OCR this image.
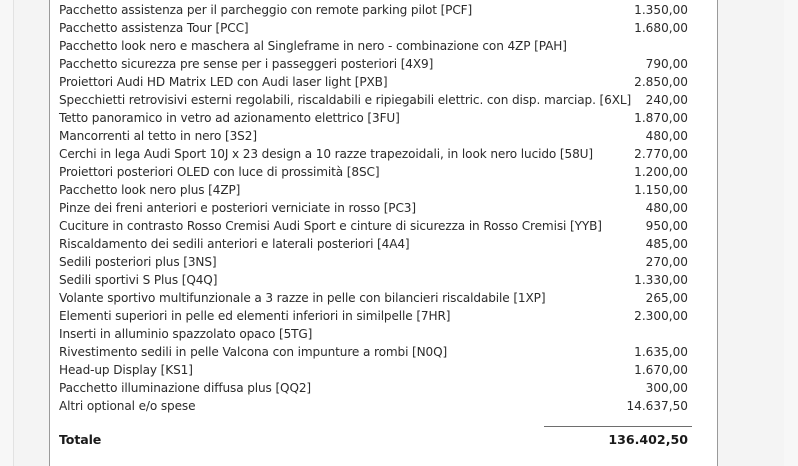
Pacchetto assistenza per il parcheggio con remote parking pilot [PCF]	1.350,00
Pacchetto assistenza Tour [PCC]	1.680,00
Pacchetto look nero e maschera al Singleframe in nero - combinazione con 4ZP [PAH]	
Pacchetto sicurezza pre sense per i passeggeri posteriori [4X9]	790,00
Proiettori Audi HD Matrix LED con Audi laser light [PXB]	2.850,00
Specchietti retrovisivi esterni regolabili, riscaldabili e ripiegabili elettric. con disp. marciap. [6XL]	240,00
Tetto panoramico in vetro ad azionamento elettrico [3FU]	1.870,00
Mancorrenti al tetto in nero [3S2]	480,00
Cerchi in lega Audi Sport 10J x 23 design a 10 razze trapezoidali, in look nero lucido [58U]	2.770,00
Proiettori posteriori OLED con luce di prossimità [8SC]	1.200,00
Pacchetto look nero plus [4ZP]	1.150,00
Pinze dei freni anteriori e posteriori verniciate in rosso [PC3]	480,00
Cuciture in contrasto Rosso Cremisi Audi Sport e cinture di sicurezza in Rosso Cremisi [YYB]	950,00
Riscaldamento dei sedili anteriori e laterali posteriori [4A4]	485,00
Sedili posteriori plus [3NS]	270,00
Sedili sportivi S Plus [Q4Q]	1.330,00
Volante sportivo multifunzionale a 3 razze in pelle con bilancieri riscaldabile [1XP]	265,00
Elementi superiori in pelle ed elementi inferiori in similpelle [7HR]	2.300,00
Inserti in alluminio spazzolato opaco [5TG]	
Rivestimento sedili in pelle Valcona con impunture a rombi [N0Q]	1.635,00
Head-up Display [KS1]	1.670,00
Pacchetto illuminazione diffusa plus [QQ2]	300,00
Altri optional e/o spese	14.637,50

Totale	136.402,50
